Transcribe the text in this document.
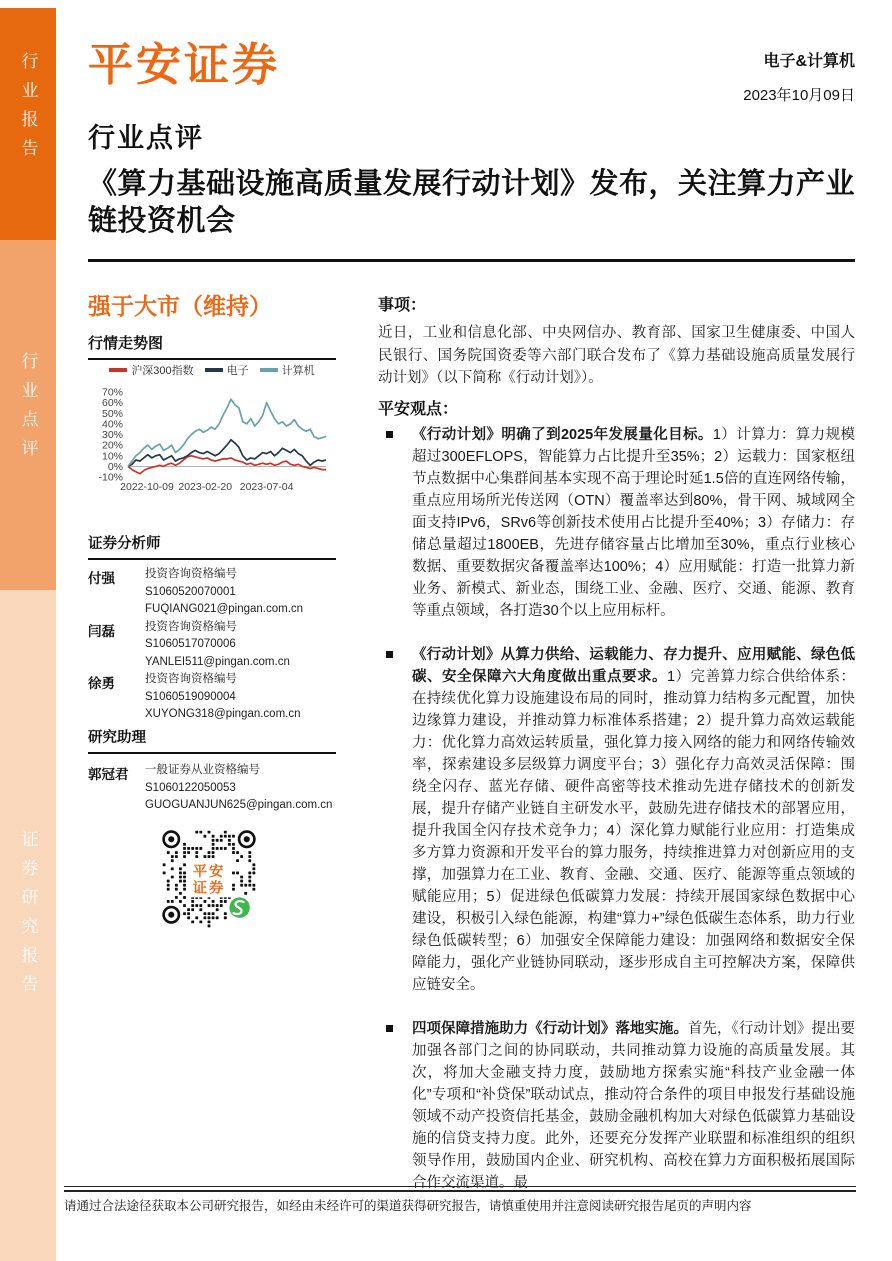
行业报告
行业点评
证券研究报告
平安证券	电子&计算机
2023年10月09日
行业点评
《算力基础设施高质量发展行动计划》发布，关注算力产业链投资机会
强于大市（维持）
行情走势图
沪深300指数	电子	计算机
70%
60%
50%
40%
30%
20%
10%
0%
-10%
2022-10-09 2023-02-20 2023-07-04
证券分析师
付强	投资咨询资格编号
S1060520070001
FUQIANG021@pingan.com.cn
闫磊	投资咨询资格编号
S1060517070006
YANLEI511@pingan.com.cn
徐勇	投资咨询资格编号
S1060519090004
XUYONG318@pingan.com.cn
研究助理
郭冠君	一般证券从业资格编号
S1060122050053
GUOGUANJUN625@pingan.com.cn
平安
证券
事项：
近日，工业和信息化部、中央网信办、教育部、国家卫生健康委、中国人民银行、国务院国资委等六部门联合发布了《算力基础设施高质量发展行动计划》（以下简称《行动计划》）。
平安观点：
《行动计划》明确了到2025年发展量化目标。1）计算力：算力规模超过300EFLOPS，智能算力占比提升至35%；2）运载力：国家枢纽节点数据中心集群间基本实现不高于理论时延1.5倍的直连网络传输，重点应用场所光传送网（OTN）覆盖率达到80%，骨干网、城域网全面支持IPv6，SRv6等创新技术使用占比提升至40%；3）存储力：存储总量超过1800EB，先进存储容量占比增加至30%，重点行业核心数据、重要数据灾备覆盖率达100%；4）应用赋能：打造一批算力新业务、新模式、新业态，围绕工业、金融、医疗、交通、能源、教育等重点领域，各打造30个以上应用标杆。
《行动计划》从算力供给、运载能力、存力提升、应用赋能、绿色低碳、安全保障六大角度做出重点要求。1）完善算力综合供给体系：在持续优化算力设施建设布局的同时，推动算力结构多元配置，加快边缘算力建设，并推动算力标准体系搭建；2）提升算力高效运载能力：优化算力高效运转质量，强化算力接入网络的能力和网络传输效率，探索建设多层级算力调度平台；3）强化存力高效灵活保障：围绕全闪存、蓝光存储、硬件高密等技术推动先进存储技术的创新发展，提升存储产业链自主研发水平，鼓励先进存储技术的部署应用，提升我国全闪存技术竞争力；4）深化算力赋能行业应用：打造集成多方算力资源和开发平台的算力服务，持续推进算力对创新应用的支撑，加强算力在工业、教育、金融、交通、医疗、能源等重点领域的赋能应用；5）促进绿色低碳算力发展：持续开展国家绿色数据中心建设，积极引入绿色能源，构建“算力+”绿色低碳生态体系，助力行业绿色低碳转型；6）加强安全保障能力建设：加强网络和数据安全保障能力，强化产业链协同联动，逐步形成自主可控解决方案，保障供应链安全。
四项保障措施助力《行动计划》落地实施。首先，《行动计划》提出要加强各部门之间的协同联动，共同推动算力设施的高质量发展。其次，将加大金融支持力度，鼓励地方探索实施“科技产业金融一体化”专项和“补贷保”联动试点，推动符合条件的项目申报发行基础设施领域不动产投资信托基金，鼓励金融机构加大对绿色低碳算力基础设施的信贷支持力度。此外，还要充分发挥产业联盟和标准组织的组织领导作用，鼓励国内企业、研究机构、高校在算力方面积极拓展国际合作交流渠道。最
请通过合法途径获取本公司研究报告，如经由未经许可的渠道获得研究报告，请慎重使用并注意阅读研究报告尾页的声明内容
